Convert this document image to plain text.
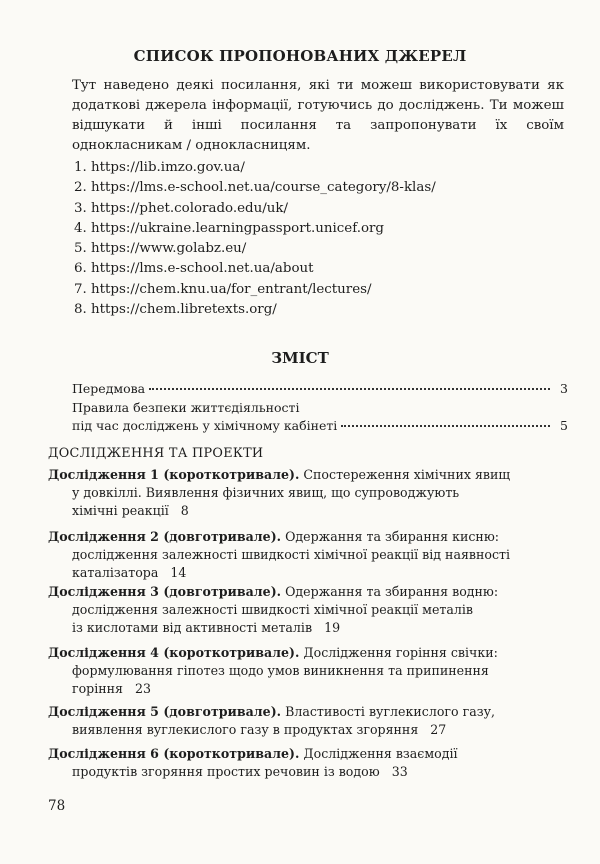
СПИСОК ПРОПОНОВАНИХ ДЖЕРЕЛ
Тут наведено деякі посилання, які ти можеш використовувати як додаткові джерела інформації, готуючись до досліджень. Ти можеш відшукати й інші посилання та запропонувати їх своїм однокласникам / однокласницям.
1. https://lib.imzo.gov.ua/
2. https://lms.e-school.net.ua/course_category/8-klas/
3. https://phet.colorado.edu/uk/
4. https://ukraine.learningpassport.unicef.org
5. https://www.golabz.eu/
6. https://lms.e-school.net.ua/about
7. https://chem.knu.ua/for_entrant/lectures/
8. https://chem.libretexts.org/
ЗМІСТ
Передмова	3
Правила безпеки життєдіяльності
під час досліджень у хімічному кабінеті	5
ДОСЛІДЖЕННЯ ТА ПРОЕКТИ
Дослідження 1 (короткотривале). Спостереження хімічних явищ
у довкіллі. Виявлення фізичних явищ, що супроводжують
хімічні реакції 8
Дослідження 2 (довготривале). Одержання та збирання кисню:
дослідження залежності швидкості хімічної реакції від наявності
каталізатора 14
Дослідження 3 (довготривале). Одержання та збирання водню:
дослідження залежності швидкості хімічної реакції металів
із кислотами від активності металів 19
Дослідження 4 (короткотривале). Дослідження горіння свічки:
формулювання гіпотез щодо умов виникнення та припинення
горіння 23
Дослідження 5 (довготривале). Властивості вуглекислого газу,
виявлення вуглекислого газу в продуктах згоряння 27
Дослідження 6 (короткотривале). Дослідження взаємодії
продуктів згоряння простих речовин із водою 33
78
